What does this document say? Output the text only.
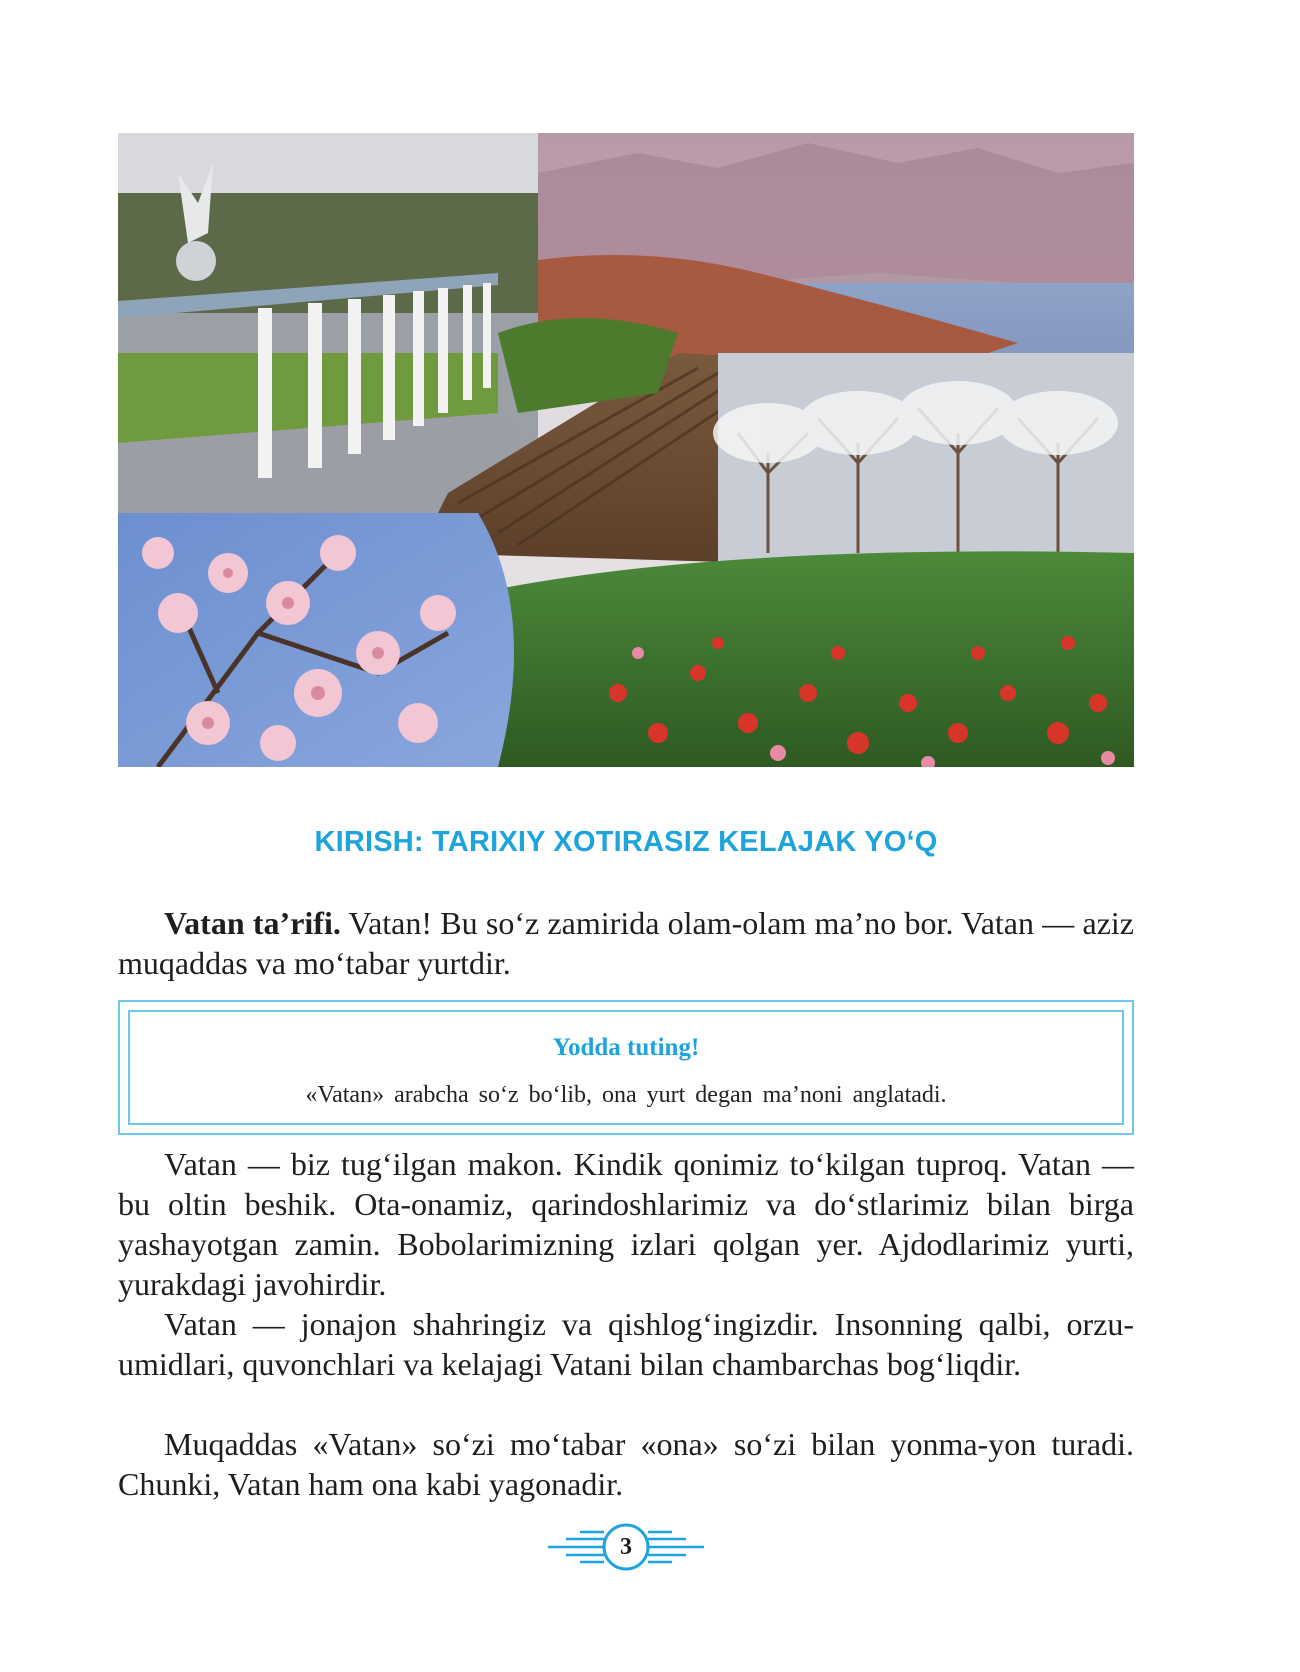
KIRISH: TARIXIY XOTIRASIZ KELAJAK YO‘Q

Vatan ta’rifi. Vatan! Bu so‘z zamirida olam-olam ma’no bor. Vatan — aziz muqaddas va mo‘tabar yurtdir.

Yodda tuting!
«Vatan» arabcha so‘z bo‘lib, ona yurt degan ma’noni anglatadi.

Vatan — biz tug‘ilgan makon. Kindik qonimiz to‘kilgan tuproq. Vatan — bu oltin beshik. Ota-onamiz, qarindoshlarimiz va do‘stlarimiz bilan birga yashayotgan zamin. Bobolarimizning izlari qolgan yer. Ajdodlarimiz yurti, yurakdagi javohirdir.

Vatan — jonajon shahringiz va qishlog‘ingizdir. Insonning qalbi, orzu-umidlari, quvonchlari va kelajagi Vatani bilan chambarchas bog‘liqdir.

Muqaddas «Vatan» so‘zi mo‘tabar «ona» so‘zi bilan yonma-yon turadi. Chunki, Vatan ham ona kabi yagonadir.

3
